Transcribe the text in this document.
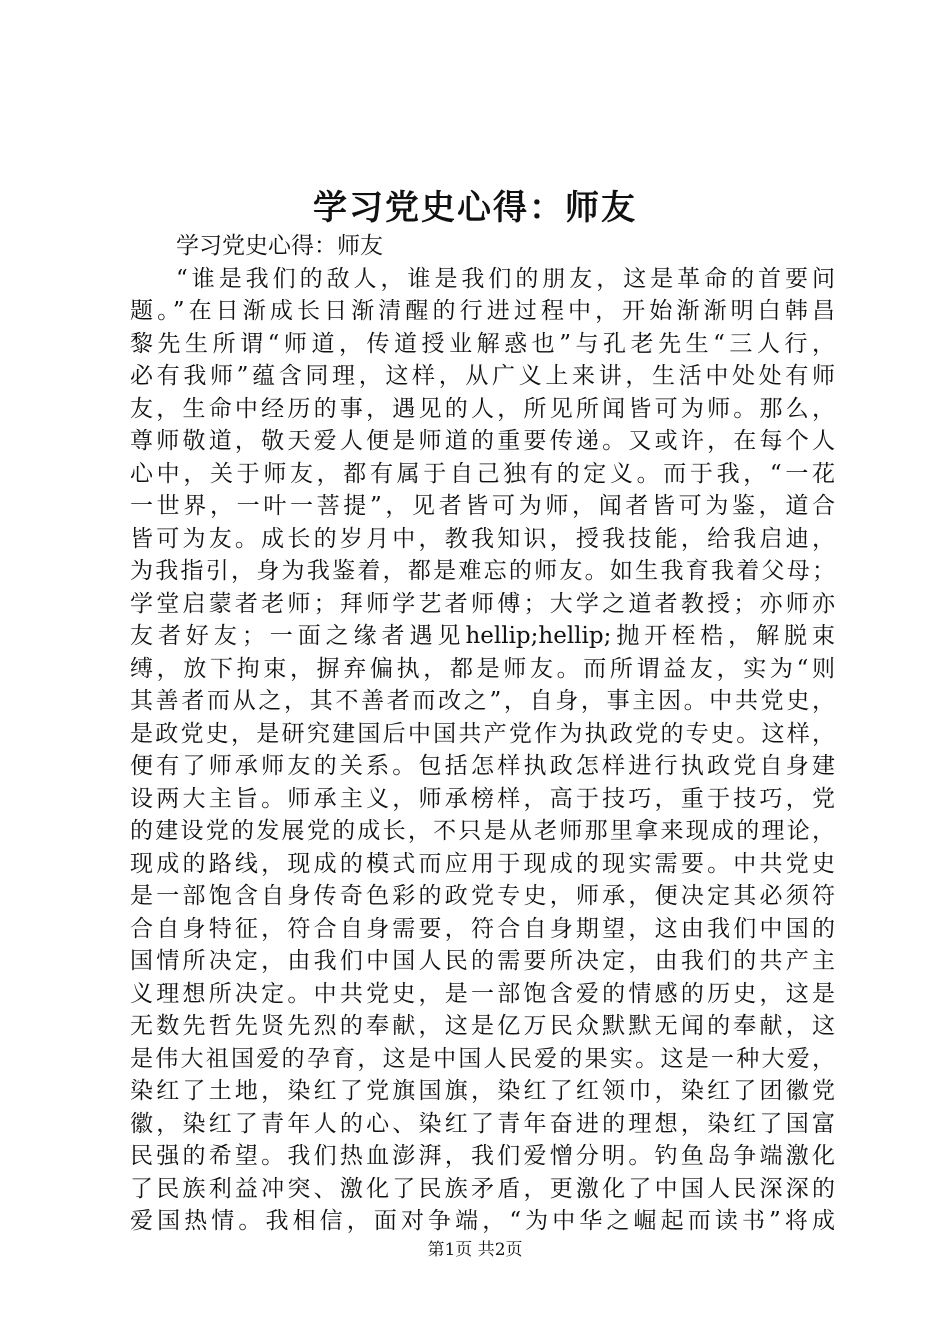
学习党史心得：师友
学习党史心得：师友
“谁是我们的敌人，谁是我们的朋友，这是革命的首要问
题。”在日渐成长日渐清醒的行进过程中，开始渐渐明白韩昌
黎先生所谓“师道，传道授业解惑也”与孔老先生“三人行，
必有我师”蕴含同理，这样，从广义上来讲，生活中处处有师
友，生命中经历的事，遇见的人，所见所闻皆可为师。那么，
尊师敬道，敬天爱人便是师道的重要传递。又或许，在每个人
心中，关于师友，都有属于自己独有的定义。而于我，“一花
一世界，一叶一菩提”，见者皆可为师，闻者皆可为鉴，道合
皆可为友。成长的岁月中，教我知识，授我技能，给我启迪，
为我指引，身为我鉴着，都是难忘的师友。如生我育我着父母；
学堂启蒙者老师；拜师学艺者师傅；大学之道者教授；亦师亦
友者好友；一面之缘者遇见hellip;hellip;抛开桎梏，解脱束
缚，放下拘束，摒弃偏执，都是师友。而所谓益友，实为“则
其善者而从之，其不善者而改之”，自身，事主因。中共党史，
是政党史，是研究建国后中国共产党作为执政党的专史。这样，
便有了师承师友的关系。包括怎样执政怎样进行执政党自身建
设两大主旨。师承主义，师承榜样，高于技巧，重于技巧，党
的建设党的发展党的成长，不只是从老师那里拿来现成的理论，
现成的路线，现成的模式而应用于现成的现实需要。中共党史
是一部饱含自身传奇色彩的政党专史，师承，便决定其必须符
合自身特征，符合自身需要，符合自身期望，这由我们中国的
国情所决定，由我们中国人民的需要所决定，由我们的共产主
义理想所决定。中共党史，是一部饱含爱的情感的历史，这是
无数先哲先贤先烈的奉献，这是亿万民众默默无闻的奉献，这
是伟大祖国爱的孕育，这是中国人民爱的果实。这是一种大爱，
染红了土地，染红了党旗国旗，染红了红领巾，染红了团徽党
徽，染红了青年人的心、染红了青年奋进的理想，染红了国富
民强的希望。我们热血澎湃，我们爱憎分明。钓鱼岛争端激化
了民族利益冲突、激化了民族矛盾，更激化了中国人民深深的
爱国热情。我相信，面对争端，“为中华之崛起而读书”将成
第1页 共2页
